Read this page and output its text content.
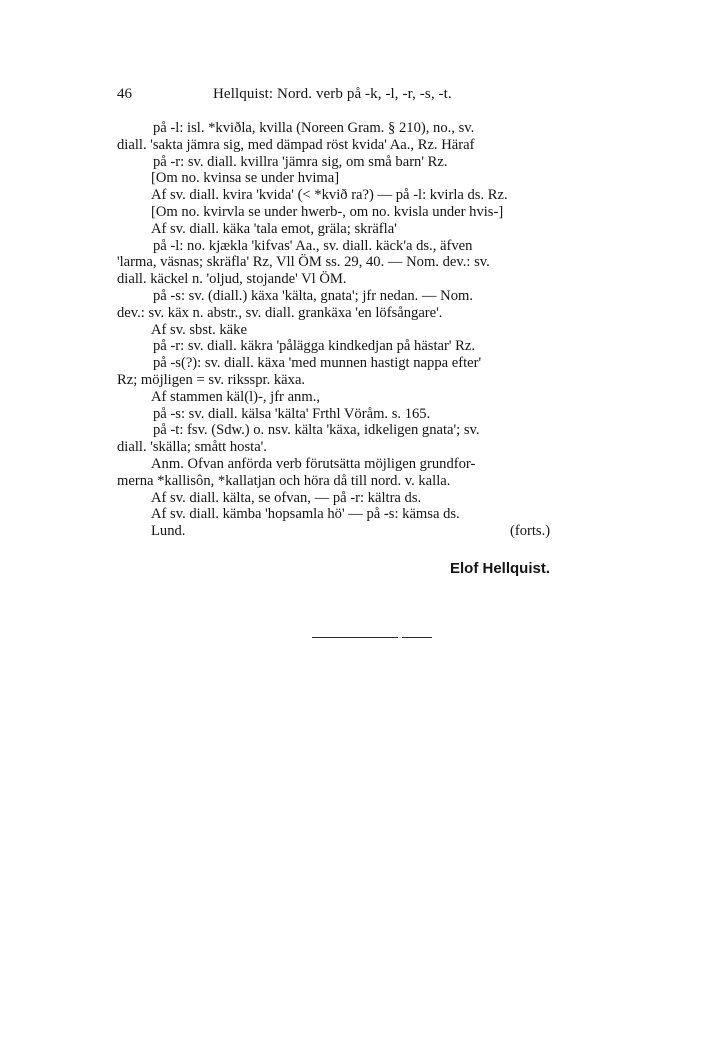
46	Hellquist: Nord. verb på -k, -l, -r, -s, -t.
på -l: isl. *kviðla, kvilla (Noreen Gram. § 210), no., sv.
diall. 'sakta jämra sig, med dämpad röst kvida' Aa., Rz. Häraf
på -r: sv. diall. kvillra 'jämra sig, om små barn' Rz.
[Om no. kvinsa se under hvima]
Af sv. diall. kvira 'kvida' (< *kvið ra?) — på -l: kvirla ds. Rz.
[Om no. kvirvla se under hwerb-, om no. kvisla under hvis-]
Af sv. diall. käka 'tala emot, gräla; skräfla'
på -l: no. kjækla 'kifvas' Aa., sv. diall. käck'a ds., äfven
'larma, väsnas; skräfla' Rz, Vll ÖM ss. 29, 40. — Nom. dev.: sv.
diall. käckel n. 'oljud, stojande' Vl ÖM.
på -s: sv. (diall.) käxa 'kälta, gnata'; jfr nedan. — Nom.
dev.: sv. käx n. abstr., sv. diall. grankäxa 'en löfsångare'.
Af sv. sbst. käke
på -r: sv. diall. käkra 'pålägga kindkedjan på hästar' Rz.
på -s(?): sv. diall. käxa 'med munnen hastigt nappa efter'
Rz; möjligen = sv. riksspr. käxa.
Af stammen käl(l)-, jfr anm.,
på -s: sv. diall. kälsa 'kälta' Frthl Vöråm. s. 165.
på -t: fsv. (Sdw.) o. nsv. kälta 'käxa, idkeligen gnata'; sv.
diall. 'skälla; smått hosta'.
Anm. Ofvan anförda verb förutsätta möjligen grundfor-
merna *kallisôn, *kallatjan och höra då till nord. v. kalla.
Af sv. diall. kälta, se ofvan, — på -r: kältra ds.
Af sv. diall. kämba 'hopsamla hö' — på -s: kämsa ds.
Lund.	(forts.)
Elof Hellquist.
